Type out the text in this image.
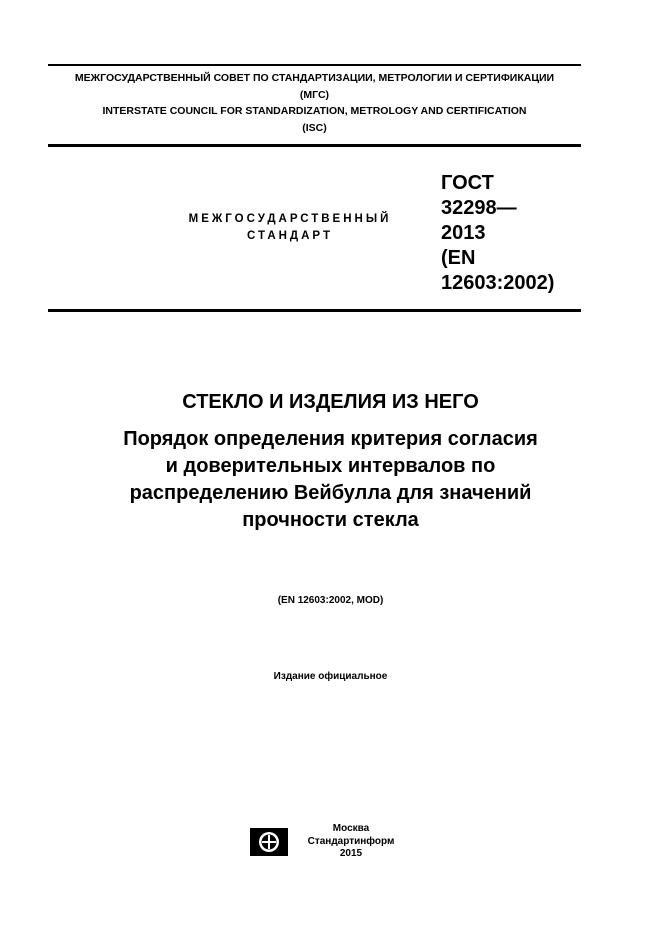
МЕЖГОСУДАРСТВЕННЫЙ СОВЕТ ПО СТАНДАРТИЗАЦИИ, МЕТРОЛОГИИ И СЕРТИФИКАЦИИ
(МГС)
INTERSTATE COUNCIL FOR STANDARDIZATION, METROLOGY AND CERTIFICATION
(ISC)
МЕЖГОСУДАРСТВЕННЫЙ
СТАНДАРТ
ГОСТ
32298—
2013
(EN
12603:2002)
СТЕКЛО И ИЗДЕЛИЯ ИЗ НЕГО
Порядок определения критерия согласия
и доверительных интервалов по
распределению Вейбулла для значений
прочности стекла
(EN 12603:2002, MOD)
Издание официальное
Москва
Стандартинформ
2015
